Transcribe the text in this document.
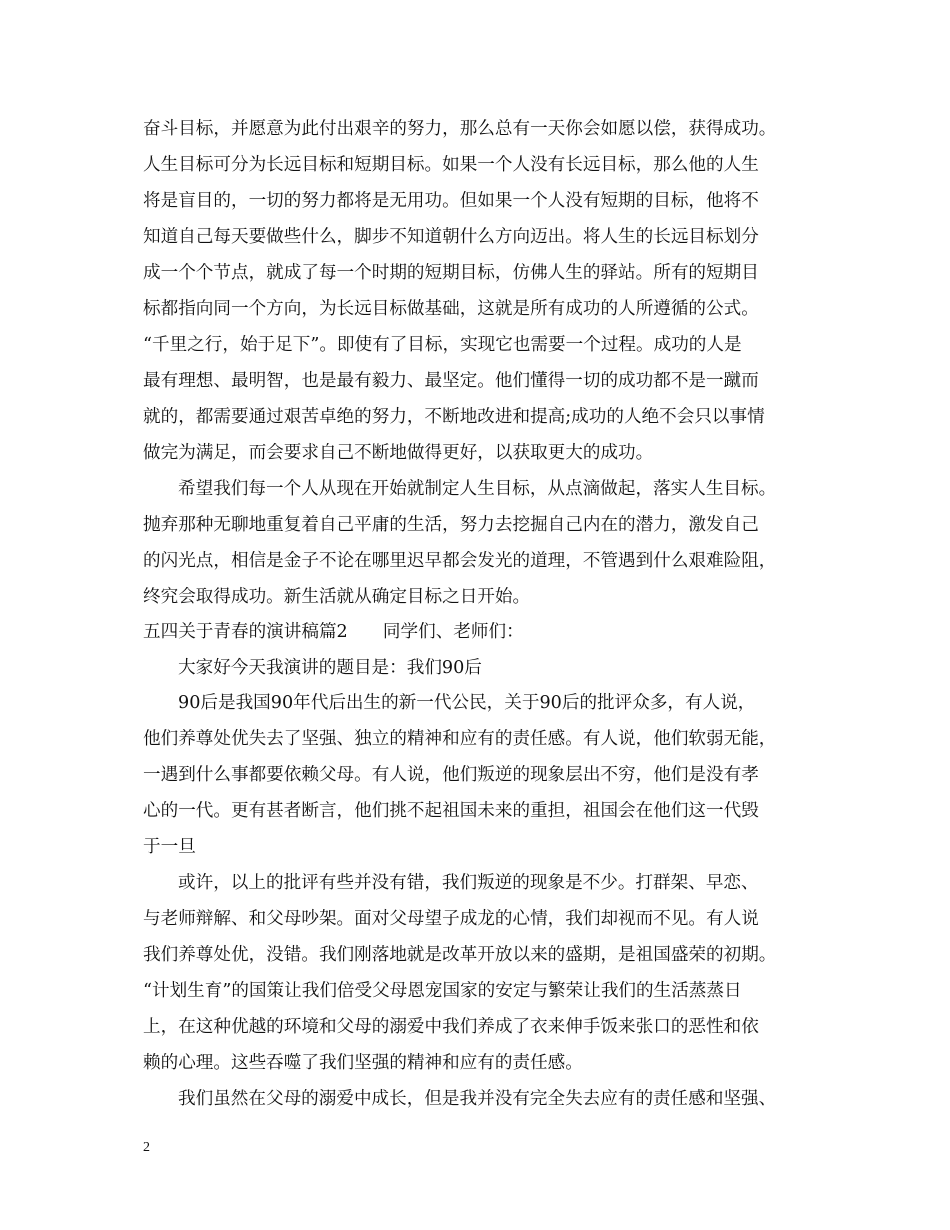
奋斗目标，并愿意为此付出艰辛的努力，那么总有一天你会如愿以偿，获得成功。
人生目标可分为长远目标和短期目标。如果一个人没有长远目标，那么他的人生
将是盲目的，一切的努力都将是无用功。但如果一个人没有短期的目标，他将不
知道自己每天要做些什么，脚步不知道朝什么方向迈出。将人生的长远目标划分
成一个个节点，就成了每一个时期的短期目标，仿佛人生的驿站。所有的短期目
标都指向同一个方向，为长远目标做基础，这就是所有成功的人所遵循的公式。
“千里之行，始于足下”。即使有了目标，实现它也需要一个过程。成功的人是
最有理想、最明智，也是最有毅力、最坚定。他们懂得一切的成功都不是一蹴而
就的，都需要通过艰苦卓绝的努力，不断地改进和提高;成功的人绝不会只以事情
做完为满足，而会要求自己不断地做得更好，以获取更大的成功。
希望我们每一个人从现在开始就制定人生目标，从点滴做起，落实人生目标。
抛弃那种无聊地重复着自己平庸的生活，努力去挖掘自己内在的潜力，激发自己
的闪光点，相信是金子不论在哪里迟早都会发光的道理，不管遇到什么艰难险阻，
终究会取得成功。新生活就从确定目标之日开始。
五四关于青春的演讲稿篇2　　同学们、老师们：
大家好今天我演讲的题目是：我们90后
90后是我国90年代后出生的新一代公民，关于90后的批评众多，有人说，
他们养尊处优失去了坚强、独立的精神和应有的责任感。有人说，他们软弱无能，
一遇到什么事都要依赖父母。有人说，他们叛逆的现象层出不穷，他们是没有孝
心的一代。更有甚者断言，他们挑不起祖国未来的重担，祖国会在他们这一代毁
于一旦
或许，以上的批评有些并没有错，我们叛逆的现象是不少。打群架、早恋、
与老师辩解、和父母吵架。面对父母望子成龙的心情，我们却视而不见。有人说
我们养尊处优，没错。我们刚落地就是改革开放以来的盛期，是祖国盛荣的初期。
“计划生育”的国策让我们倍受父母恩宠国家的安定与繁荣让我们的生活蒸蒸日
上，在这种优越的环境和父母的溺爱中我们养成了衣来伸手饭来张口的恶性和依
赖的心理。这些吞噬了我们坚强的精神和应有的责任感。
我们虽然在父母的溺爱中成长，但是我并没有完全失去应有的责任感和坚强、
2
